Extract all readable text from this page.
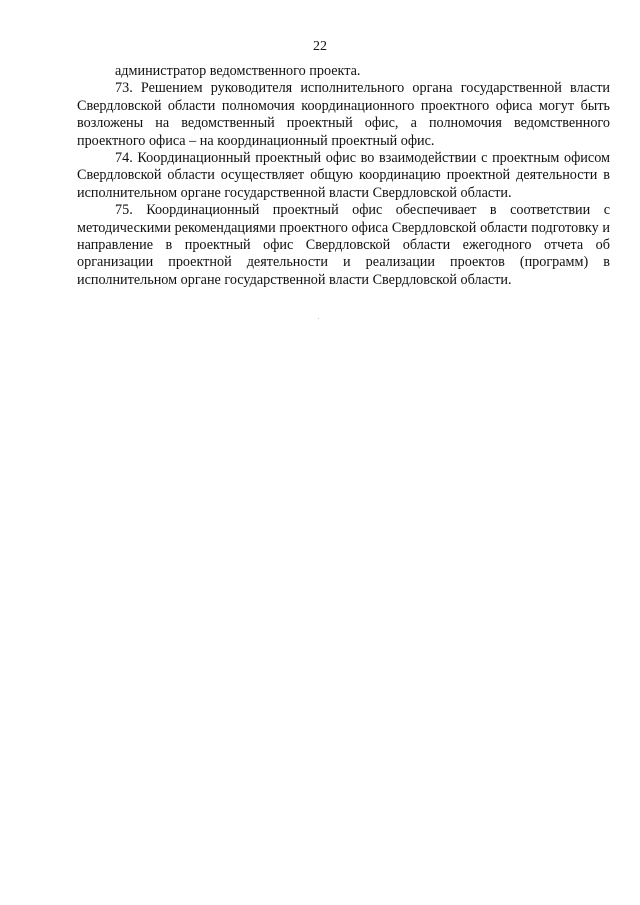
22

администратор ведомственного проекта.

73. Решением руководителя исполнительного органа государственной власти Свердловской области полномочия координационного проектного офиса могут быть возложены на ведомственный проектный офис, а полномочия ведомственного проектного офиса – на координационный проектный офис.

74. Координационный проектный офис во взаимодействии с проектным офисом Свердловской области осуществляет общую координацию проектной деятельности в исполнительном органе государственной власти Свердловской области.

75. Координационный проектный офис обеспечивает в соответствии с методическими рекомендациями проектного офиса Свердловской области подготовку и направление в проектный офис Свердловской области ежегодного отчета об организации проектной деятельности и реализации проектов (программ) в исполнительном органе государственной власти Свердловской области.
